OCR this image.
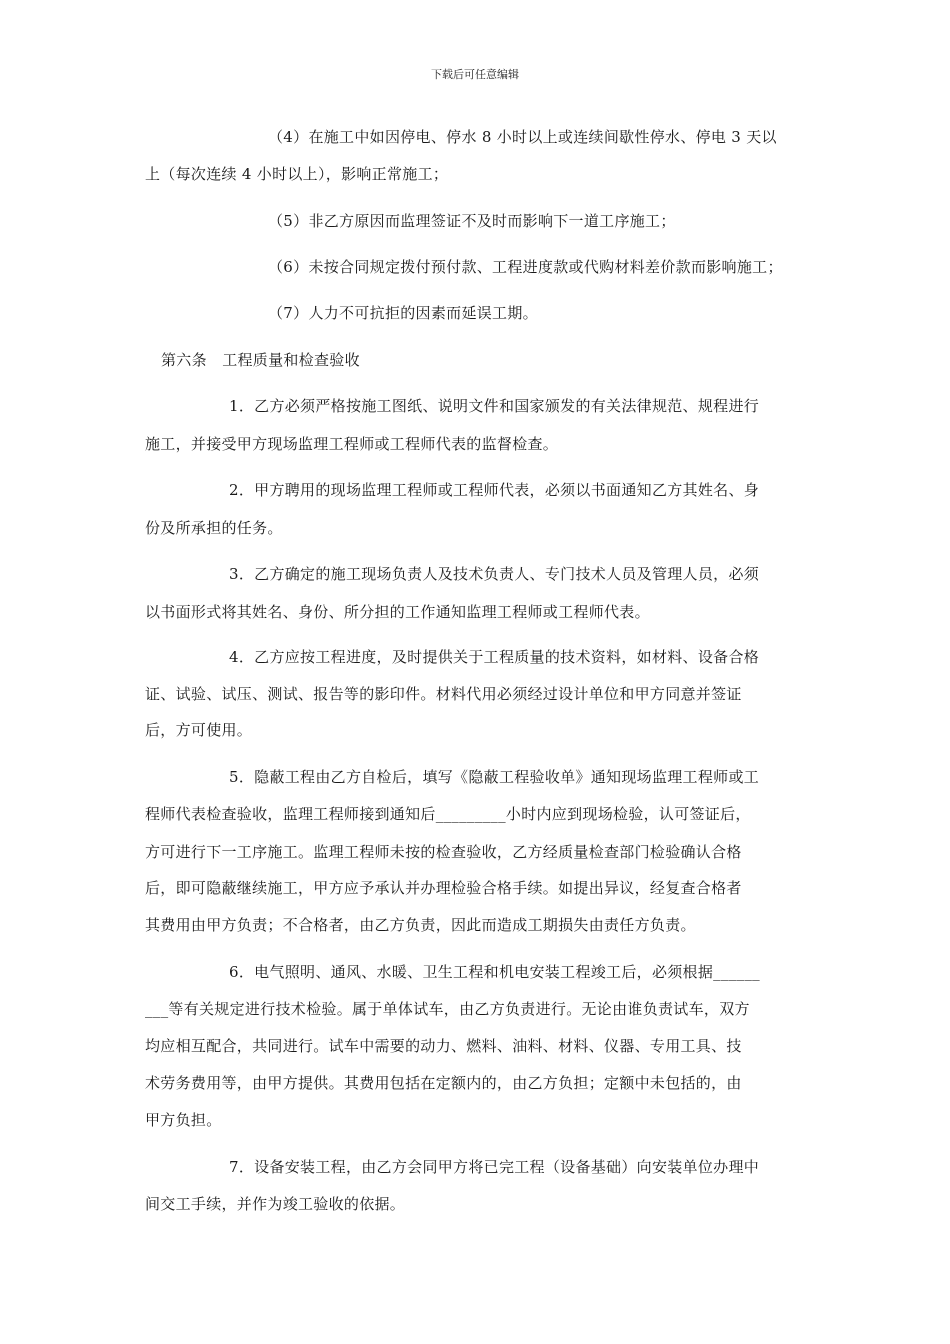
下载后可任意编辑
（4）在施工中如因停电、停水 8 小时以上或连续间歇性停水、停电 3 天以
上（每次连续 4 小时以上），影响正常施工；
（5）非乙方原因而监理签证不及时而影响下一道工序施工；
（6）未按合同规定拨付预付款、工程进度款或代购材料差价款而影响施工；
（7）人力不可抗拒的因素而延误工期。
第六条　工程质量和检查验收
1．乙方必须严格按施工图纸、说明文件和国家颁发的有关法律规范、规程进行
施工，并接受甲方现场监理工程师或工程师代表的监督检查。
2．甲方聘用的现场监理工程师或工程师代表，必须以书面通知乙方其姓名、身
份及所承担的任务。
3．乙方确定的施工现场负责人及技术负责人、专门技术人员及管理人员，必须
以书面形式将其姓名、身份、所分担的工作通知监理工程师或工程师代表。
4．乙方应按工程进度，及时提供关于工程质量的技术资料，如材料、设备合格
证、试验、试压、测试、报告等的影印件。材料代用必须经过设计单位和甲方同意并签证
后，方可使用。
5．隐蔽工程由乙方自检后，填写《隐蔽工程验收单》通知现场监理工程师或工
程师代表检查验收，监理工程师接到通知后_________小时内应到现场检验，认可签证后，
方可进行下一工序施工。监理工程师未按的检查验收，乙方经质量检查部门检验确认合格
后，即可隐蔽继续施工，甲方应予承认并办理检验合格手续。如提出异议，经复查合格者
其费用由甲方负责；不合格者，由乙方负责，因此而造成工期损失由责任方负责。
6．电气照明、通风、水暖、卫生工程和机电安装工程竣工后，必须根据______
___等有关规定进行技术检验。属于单体试车，由乙方负责进行。无论由谁负责试车，双方
均应相互配合，共同进行。试车中需要的动力、燃料、油料、材料、仪器、专用工具、技
术劳务费用等，由甲方提供。其费用包括在定额内的，由乙方负担；定额中未包括的，由
甲方负担。
7．设备安装工程，由乙方会同甲方将已完工程（设备基础）向安装单位办理中
间交工手续，并作为竣工验收的依据。
